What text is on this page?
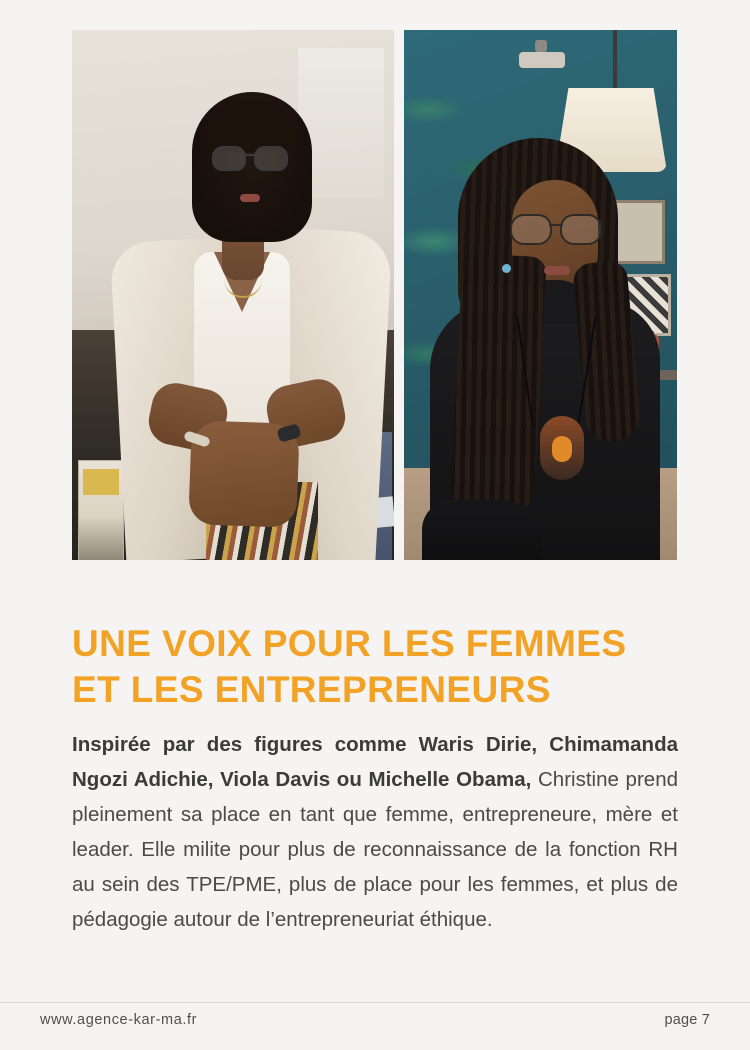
UNE VOIX POUR LES FEMMES
ET LES ENTREPRENEURS

Inspirée par des figures comme Waris Dirie, Chimamanda Ngozi Adichie, Viola Davis ou Michelle Obama, Christine prend pleinement sa place en tant que femme, entrepreneure, mère et leader. Elle milite pour plus de reconnaissance de la fonction RH au sein des TPE/PME, plus de place pour les femmes, et plus de pédagogie autour de l’entrepreneuriat éthique.

www.agence-kar-ma.fr	page 7
